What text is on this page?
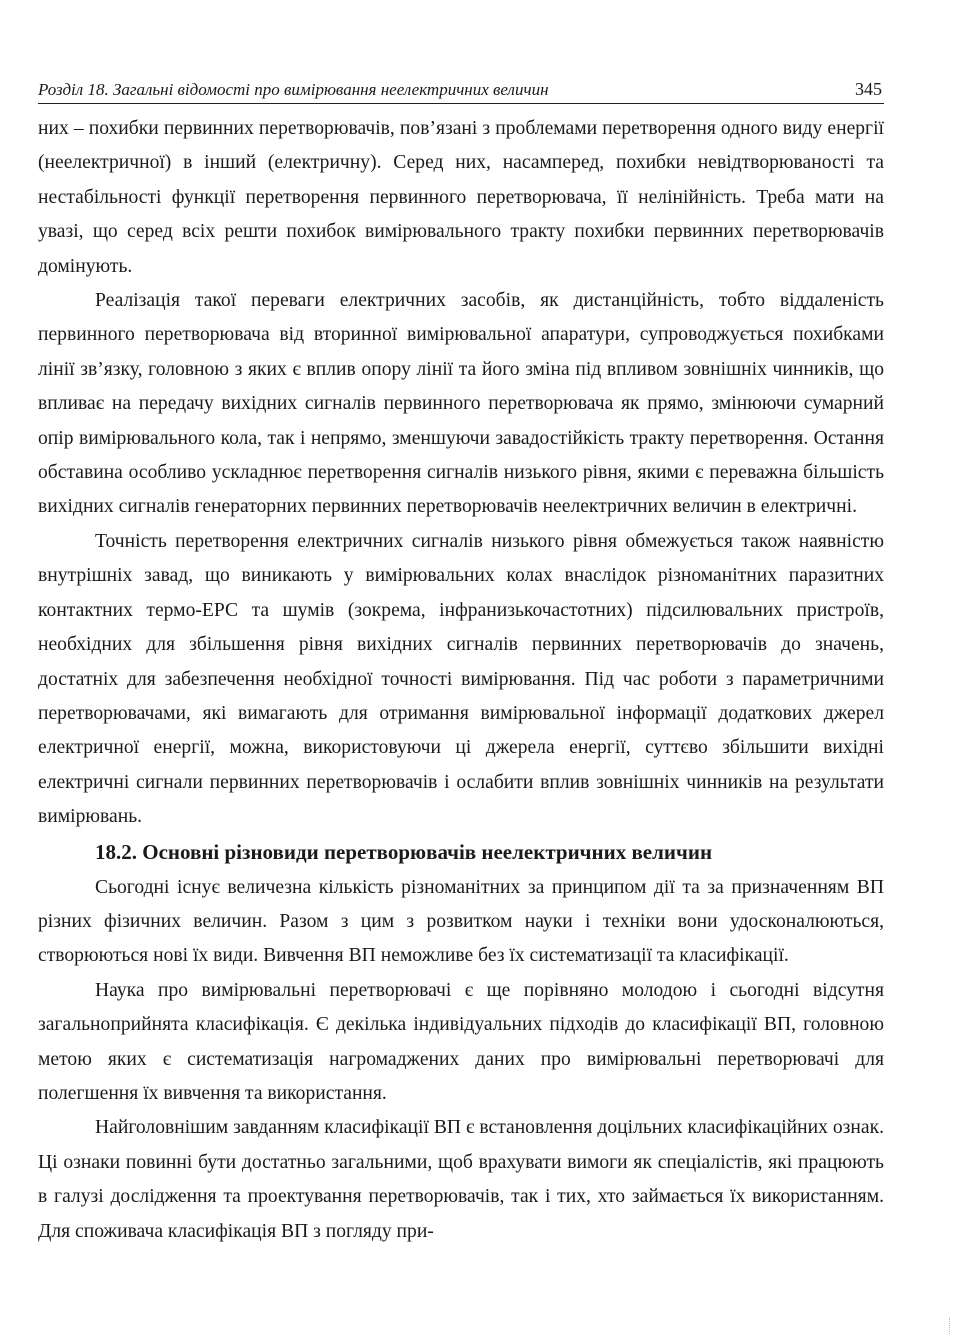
Розділ 18. Загальні відомості про вимірювання неелектричних величин	345

них – похибки первинних перетворювачів, пов’язані з проблемами перетворення одного виду енергії (неелектричної) в інший (електричну). Серед них, насамперед, похибки невідтворюваності та нестабільності функції перетворення первинного перетворювача, її нелінійність. Треба мати на увазі, що серед всіх решти похибок вимірювального тракту похибки первинних перетворювачів домінують.

Реалізація такої переваги електричних засобів, як дистанційність, тобто віддаленість первинного перетворювача від вторинної вимірювальної апаратури, супроводжується похибками лінії зв’язку, головною з яких є вплив опору лінії та його зміна під впливом зовнішніх чинників, що впливає на передачу вихідних сигналів первинного перетворювача як прямо, змінюючи сумарний опір вимірювального кола, так і непрямо, зменшуючи завадостійкість тракту перетворення. Остання обставина особливо ускладнює перетворення сигналів низького рівня, якими є переважна більшість вихідних сигналів генераторних первинних перетворювачів неелектричних величин в електричні.

Точність перетворення електричних сигналів низького рівня обмежується також наявністю внутрішніх завад, що виникають у вимірювальних колах внаслідок різноманітних паразитних контактних термо-ЕРС та шумів (зокрема, інфранизькочастотних) підсилювальних пристроїв, необхідних для збільшення рівня вихідних сигналів первинних перетворювачів до значень, достатніх для забезпечення необхідної точності вимірювання. Під час роботи з параметричними перетворювачами, які вимагають для отримання вимірювальної інформації додаткових джерел електричної енергії, можна, використовуючи ці джерела енергії, суттєво збільшити вихідні електричні сигнали первинних перетворювачів і ослабити вплив зовнішніх чинників на результати вимірювань.

18.2. Основні різновиди перетворювачів неелектричних величин

Сьогодні існує величезна кількість різноманітних за принципом дії та за призначенням ВП різних фізичних величин. Разом з цим з розвитком науки і техніки вони удосконалюються, створюються нові їх види. Вивчення ВП неможливе без їх систематизації та класифікації.

Наука про вимірювальні перетворювачі є ще порівняно молодою і сьогодні відсутня загальноприйнята класифікація. Є декілька індивідуальних підходів до класифікації ВП, головною метою яких є систематизація нагромаджених даних про вимірювальні перетворювачі для полегшення їх вивчення та використання.

Найголовнішим завданням класифікації ВП є встановлення доцільних класифікаційних ознак. Ці ознаки повинні бути достатньо загальними, щоб врахувати вимоги як спеціалістів, які працюють в галузі дослідження та проектування перетворювачів, так і тих, хто займається їх використанням. Для споживача класифікація ВП з погляду при-
